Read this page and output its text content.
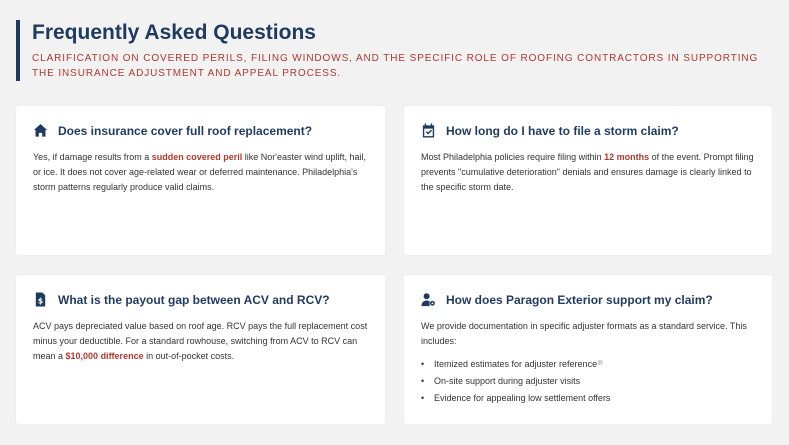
Frequently Asked Questions
CLARIFICATION ON COVERED PERILS, FILING WINDOWS, AND THE SPECIFIC ROLE OF ROOFING CONTRACTORS IN SUPPORTING THE INSURANCE ADJUSTMENT AND APPEAL PROCESS.
Does insurance cover full roof replacement?
Yes, if damage results from a sudden covered peril like Nor'easter wind uplift, hail, or ice. It does not cover age-related wear or deferred maintenance. Philadelphia's storm patterns regularly produce valid claims.
How long do I have to file a storm claim?
Most Philadelphia policies require filing within 12 months of the event. Prompt filing prevents "cumulative deterioration" denials and ensures damage is clearly linked to the specific storm date.
$ What is the payout gap between ACV and RCV?
ACV pays depreciated value based on roof age. RCV pays the full replacement cost minus your deductible. For a standard rowhouse, switching from ACV to RCV can mean a $10,000 difference in out-of-pocket costs.
How does Paragon Exterior support my claim?
We provide documentation in specific adjuster formats as a standard service. This includes:
•	Itemized estimates for adjuster reference ®
•	On-site support during adjuster visits
•	Evidence for appealing low settlement offers
